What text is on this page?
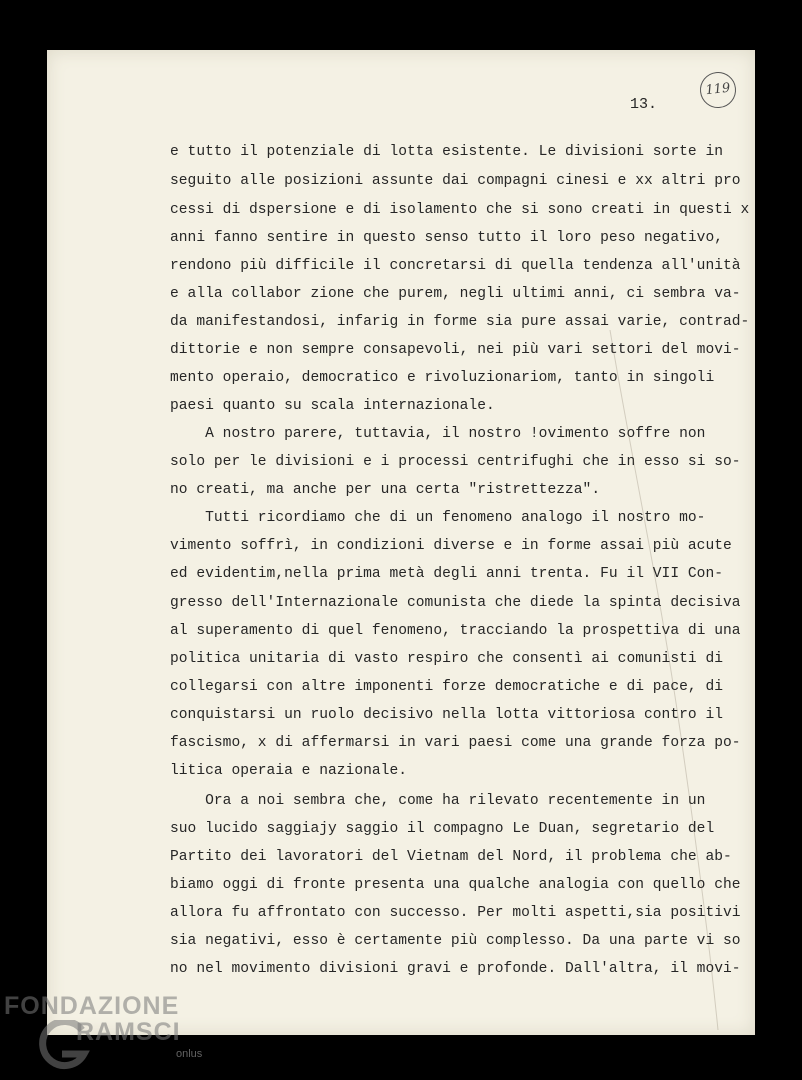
119
13.
e tutto il potenziale di lotta esistente. Le divisioni sorte in
seguito alle posizioni assunte dai compagni cinesi e xx altri pro
cessi di dspersione e di isolamento che si sono creati in questi x
anni fanno sentire in questo senso tutto il loro peso negativo,
rendono più difficile il concretarsi di quella tendenza all'unità
e alla collabor zione che purem, negli ultimi anni, ci sembra va-
da manifestandosi, infarig in forme sia pure assai varie, contrad-
dittorie e non sempre consapevoli, nei più vari settori del movi-
mento operaio, democratico e rivoluzionariom, tanto in singoli
paesi quanto su scala internazionale.
A nostro parere, tuttavia, il nostro !ovimento soffre non
solo per le divisioni e i processi centrifughi che in esso si so-
no creati, ma anche per una certa "ristrettezza".
Tutti ricordiamo che di un fenomeno analogo il nostro mo-
vimento soffrì, in condizioni diverse e in forme assai più acute
ed evidentim,nella prima metà degli anni trenta. Fu il VII Con-
gresso dell'Internazionale comunista che diede la spinta decisiva
al superamento di quel fenomeno, tracciando la prospettiva di una
politica unitaria di vasto respiro che consentì ai comunisti di
collegarsi con altre imponenti forze democratiche e di pace, di
conquistarsi un ruolo decisivo nella lotta vittoriosa contro il
fascismo, x di affermarsi in vari paesi come una grande forza po-
litica operaia e nazionale.
Ora a noi sembra che, come ha rilevato recentemente in un
suo lucido saggiajy saggio il compagno Le Duan, segretario del
Partito dei lavoratori del Vietnam del Nord, il problema che ab-
biamo oggi di fronte presenta una qualche analogia con quello che
allora fu affrontato con successo. Per molti aspetti,sia positivi
sia negativi, esso è certamente più complesso. Da una parte vi so
no nel movimento divisioni gravi e profonde. Dall'altra, il movi-
FONDAZIONE
RAMSCI
onlus
